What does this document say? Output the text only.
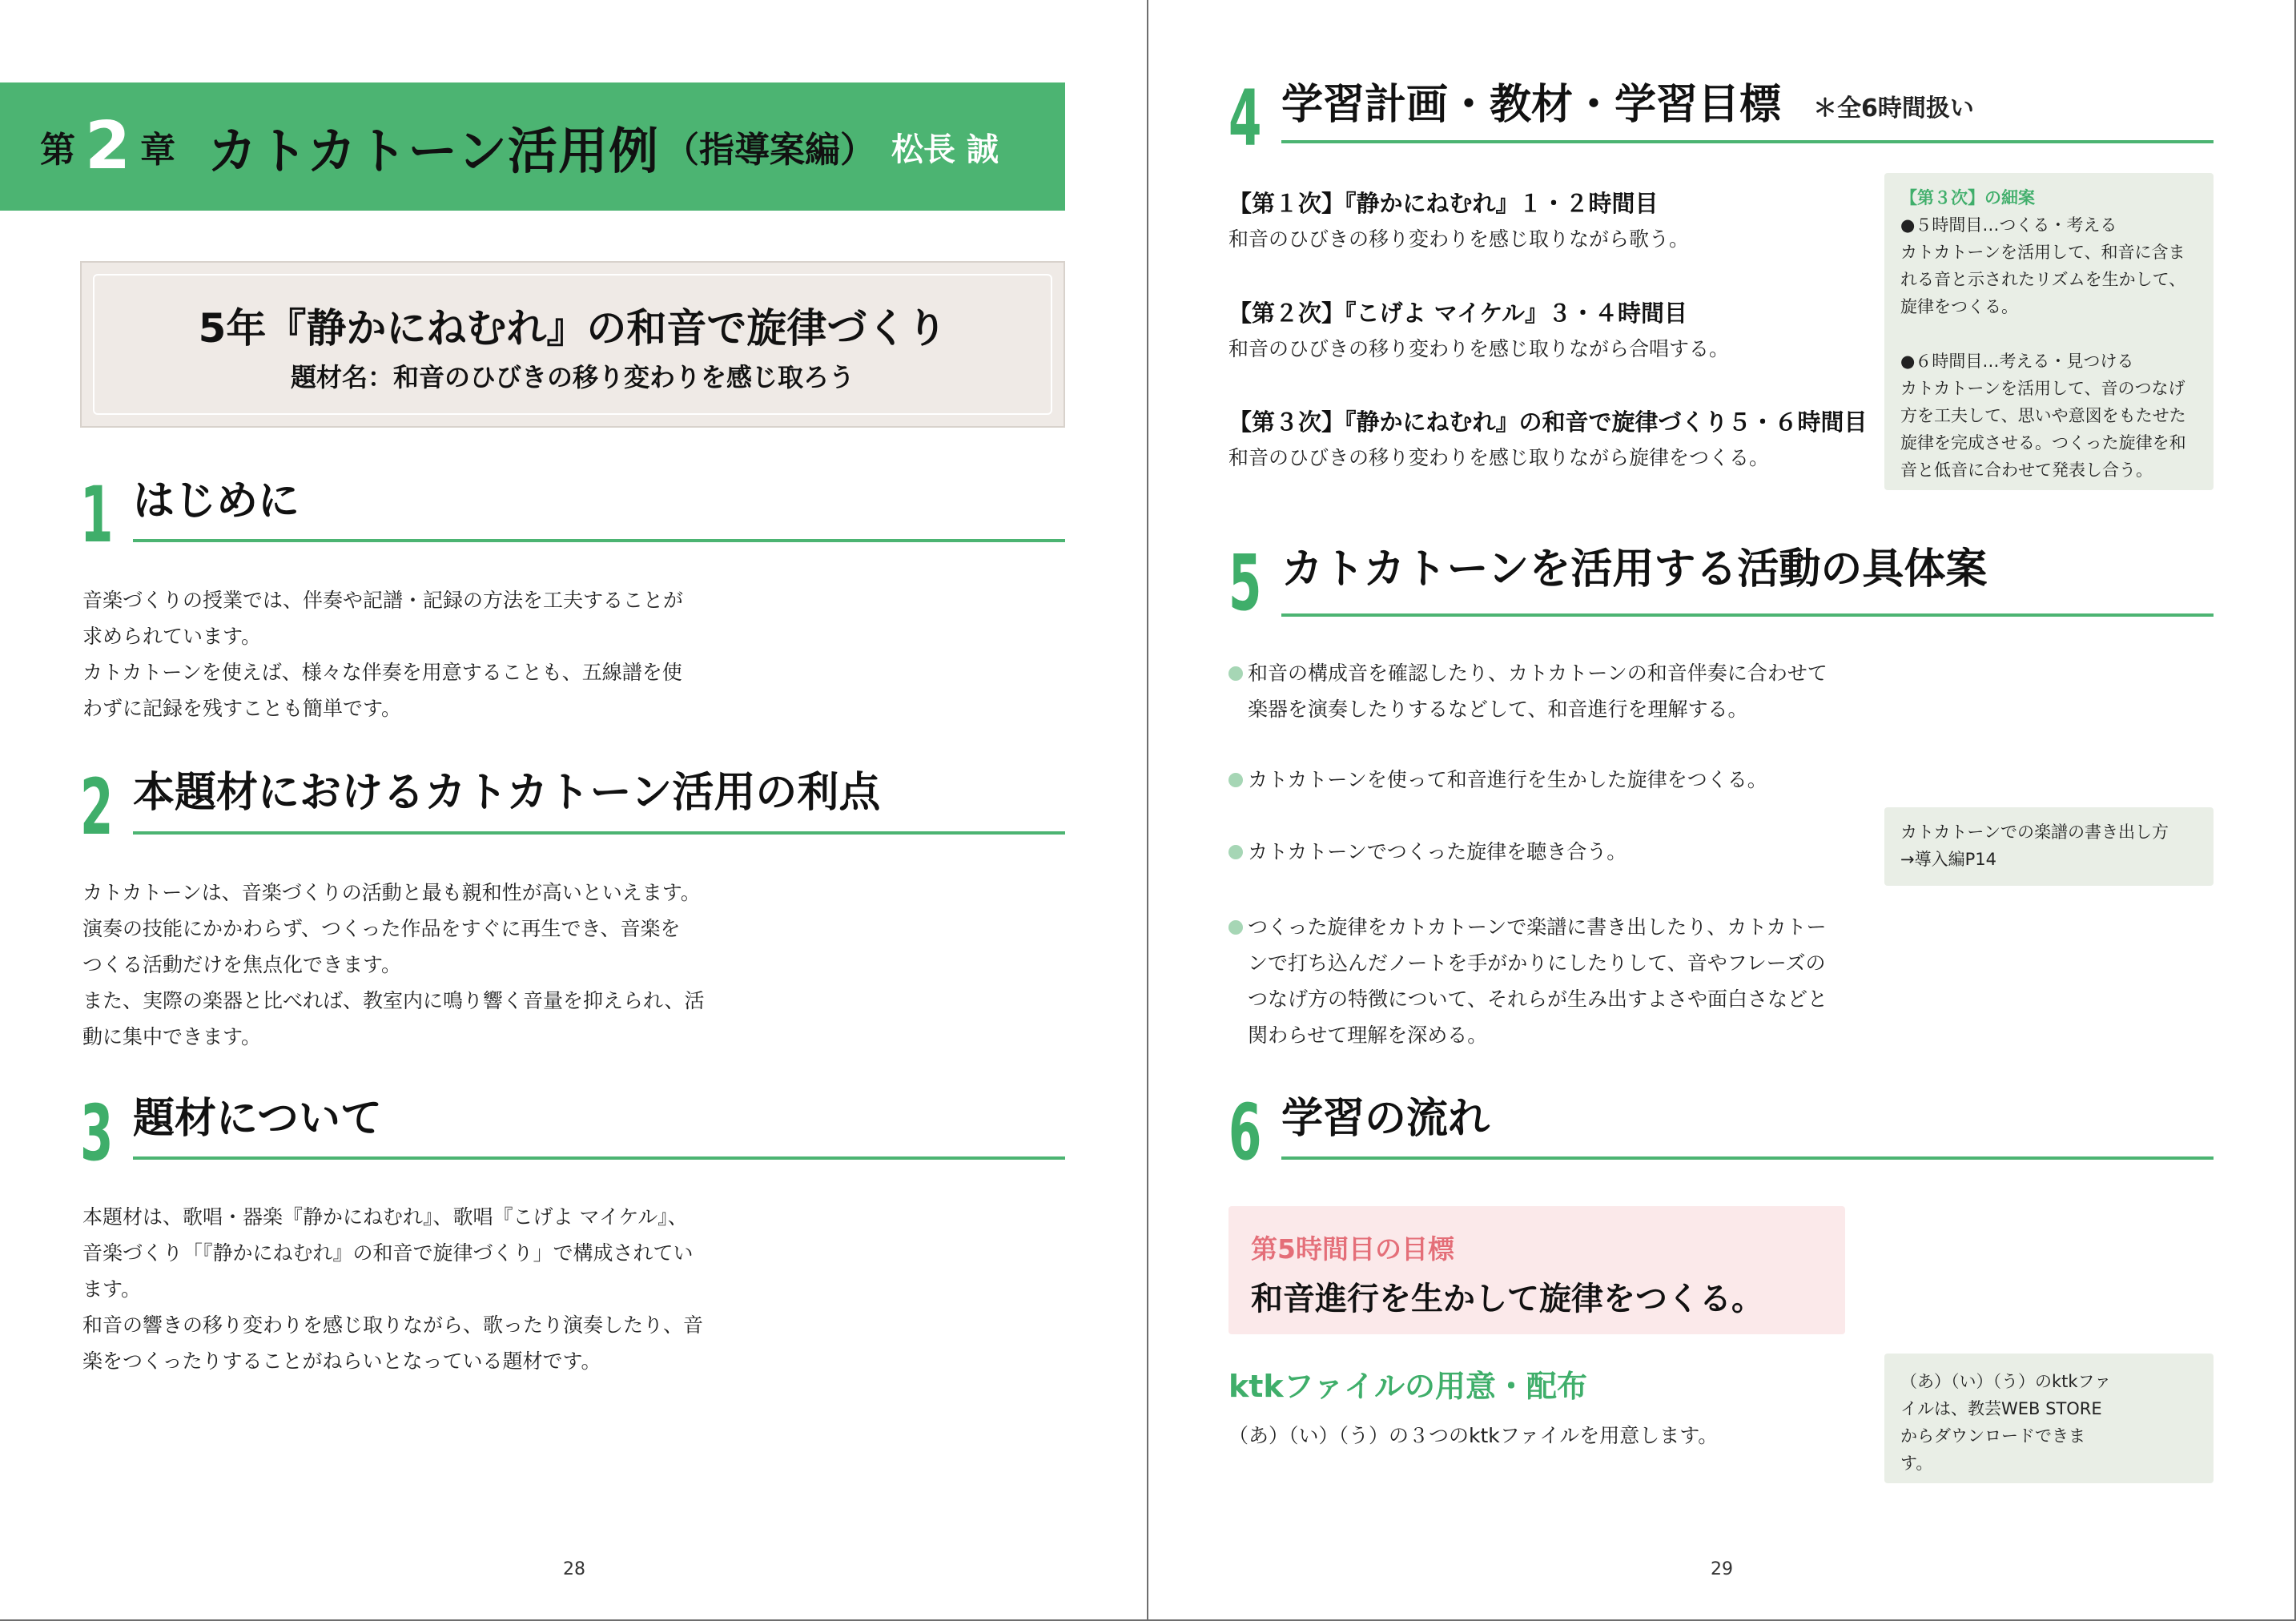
第 2 章 カトカトーン活用例 （指導案編） 松長 誠
5年『静かにねむれ』の和音で旋律づくり
題材名：和音のひびきの移り変わりを感じ取ろう
1 はじめに
音楽づくりの授業では、伴奏や記譜・記録の方法を工夫することが
求められています。
カトカトーンを使えば、様々な伴奏を用意することも、五線譜を使
わずに記録を残すことも簡単です。
2 本題材におけるカトカトーン活用の利点
カトカトーンは、音楽づくりの活動と最も親和性が高いといえます。
演奏の技能にかかわらず、つくった作品をすぐに再生でき、音楽を
つくる活動だけを焦点化できます。
また、実際の楽器と比べれば、教室内に鳴り響く音量を抑えられ、活
動に集中できます。
3 題材について
本題材は、歌唱・器楽『静かにねむれ』、歌唱『こげよ マイケル』、
音楽づくり「『静かにねむれ』の和音で旋律づくり」で構成されてい
ます。
和音の響きの移り変わりを感じ取りながら、歌ったり演奏したり、音
楽をつくったりすることがねらいとなっている題材です。
28
4 学習計画・教材・学習目標 ＊全6時間扱い
【第１次】『静かにねむれ』１・２時間目
和音のひびきの移り変わりを感じ取りながら歌う。
【第２次】『こげよ マイケル』３・４時間目
和音のひびきの移り変わりを感じ取りながら合唱する。
【第３次】『静かにねむれ』の和音で旋律づくり５・６時間目
和音のひびきの移り変わりを感じ取りながら旋律をつくる。
【第３次】の細案
●５時間目…つくる・考える
カトカトーンを活用して、和音に含ま
れる音と示されたリズムを生かして、
旋律をつくる。
●６時間目…考える・見つける
カトカトーンを活用して、音のつなげ
方を工夫して、思いや意図をもたせた
旋律を完成させる。つくった旋律を和
音と低音に合わせて発表し合う。
5 カトカトーンを活用する活動の具体案
和音の構成音を確認したり、カトカトーンの和音伴奏に合わせて
楽器を演奏したりするなどして、和音進行を理解する。
カトカトーンを使って和音進行を生かした旋律をつくる。
カトカトーンでつくった旋律を聴き合う。
つくった旋律をカトカトーンで楽譜に書き出したり、カトカトー
ンで打ち込んだノートを手がかりにしたりして、音やフレーズの
つなげ方の特徴について、それらが生み出すよさや面白さなどと
関わらせて理解を深める。
カトカトーンでの楽譜の書き出し方
→導入編P14
6 学習の流れ
第5時間目の目標
和音進行を生かして旋律をつくる。
ktkファイルの用意・配布
（あ）（い）（う）の３つのktkファイルを用意します。
（あ）（い）（う）のktkファ
イルは、教芸WEB STORE
からダウンロードできま
す。
29
